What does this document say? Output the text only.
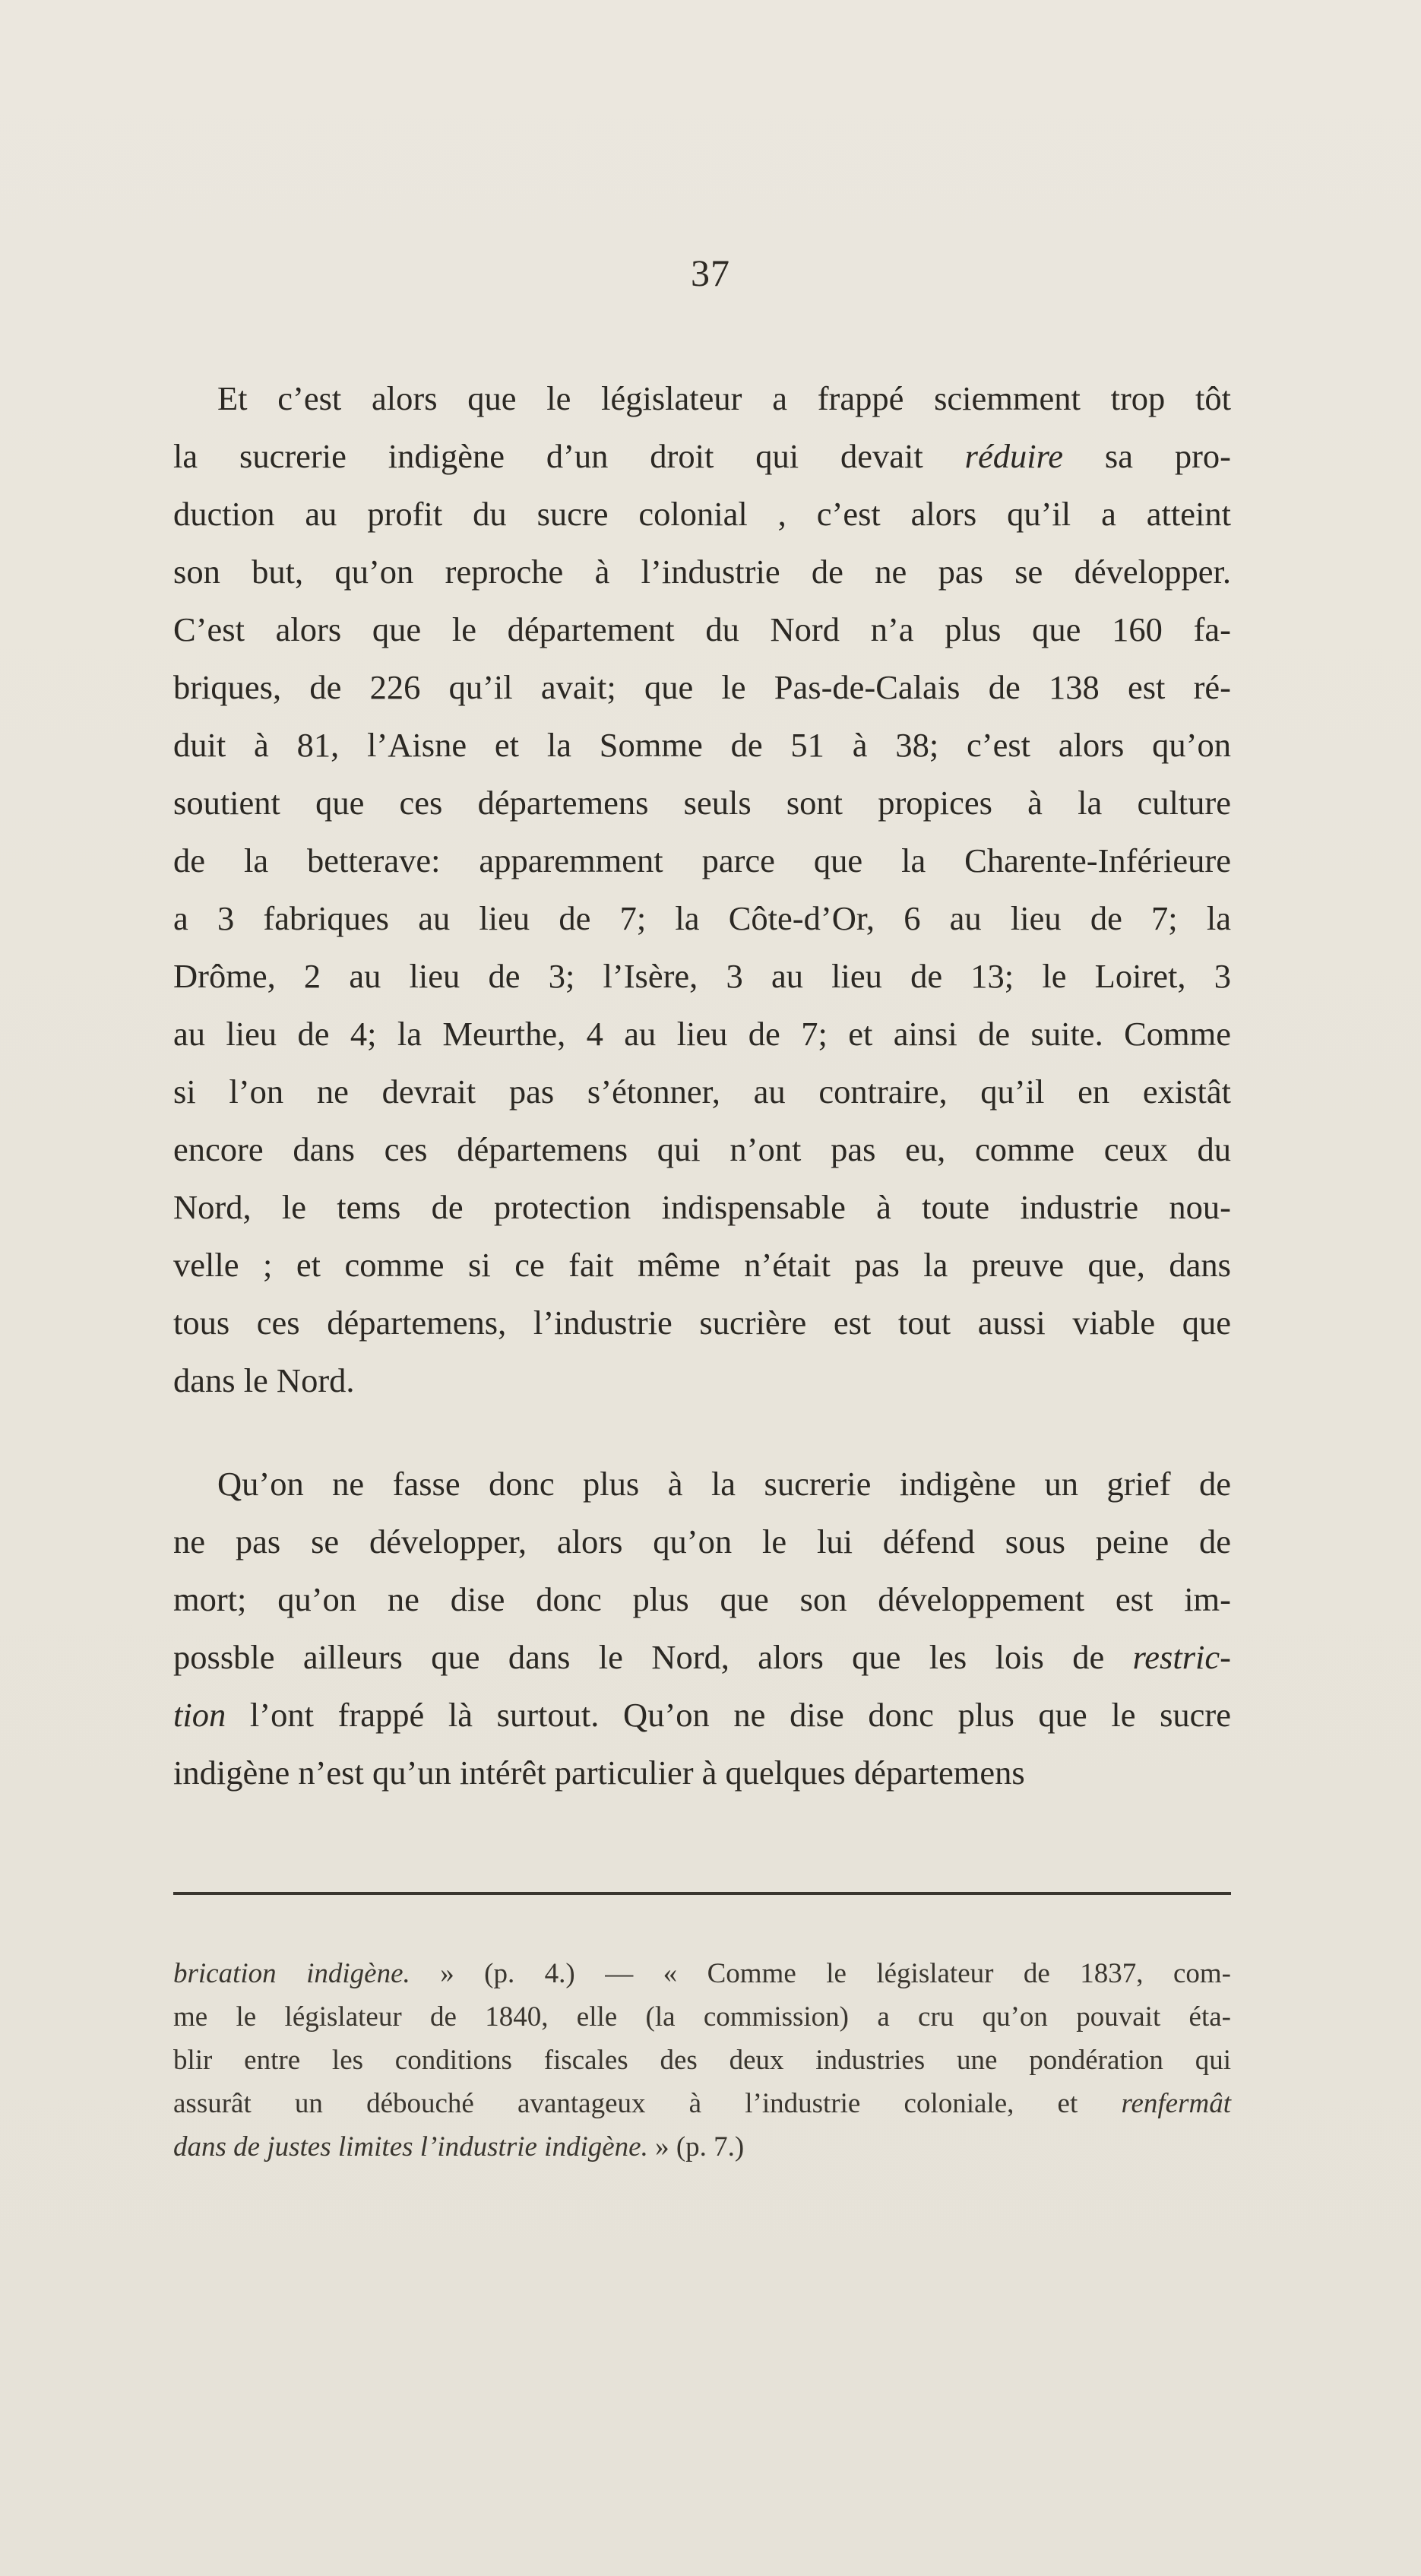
37
Et c’est alors que le législateur a frappé sciemment trop tôt
la sucrerie indigène d’un droit qui devait réduire sa pro-
duction au profit du sucre colonial , c’est alors qu’il a atteint
son but, qu’on reproche à l’industrie de ne pas se développer.
C’est alors que le département du Nord n’a plus que 160 fa-
briques, de 226 qu’il avait; que le Pas-de-Calais de 138 est ré-
duit à 81, l’Aisne et la Somme de 51 à 38; c’est alors qu’on
soutient que ces départemens seuls sont propices à la culture
de la betterave: apparemment parce que la Charente-Inférieure
a 3 fabriques au lieu de 7; la Côte-d’Or, 6 au lieu de 7; la
Drôme, 2 au lieu de 3; l’Isère, 3 au lieu de 13; le Loiret, 3
au lieu de 4; la Meurthe, 4 au lieu de 7; et ainsi de suite. Comme
si l’on ne devrait pas s’étonner, au contraire, qu’il en existât
encore dans ces départemens qui n’ont pas eu, comme ceux du
Nord, le tems de protection indispensable à toute industrie nou-
velle ; et comme si ce fait même n’était pas la preuve que, dans
tous ces départemens, l’industrie sucrière est tout aussi viable que
dans le Nord.
Qu’on ne fasse donc plus à la sucrerie indigène un grief de
ne pas se développer, alors qu’on le lui défend sous peine de
mort; qu’on ne dise donc plus que son développement est im-
possble ailleurs que dans le Nord, alors que les lois de restric-
tion l’ont frappé là surtout. Qu’on ne dise donc plus que le sucre
indigène n’est qu’un intérêt particulier à quelques départemens
brication indigène. » (p. 4.) — « Comme le législateur de 1837, com-
me le législateur de 1840, elle (la commission) a cru qu’on pouvait éta-
blir entre les conditions fiscales des deux industries une pondération qui
assurât un débouché avantageux à l’industrie coloniale, et renfermât
dans de justes limites l’industrie indigène. » (p. 7.)
